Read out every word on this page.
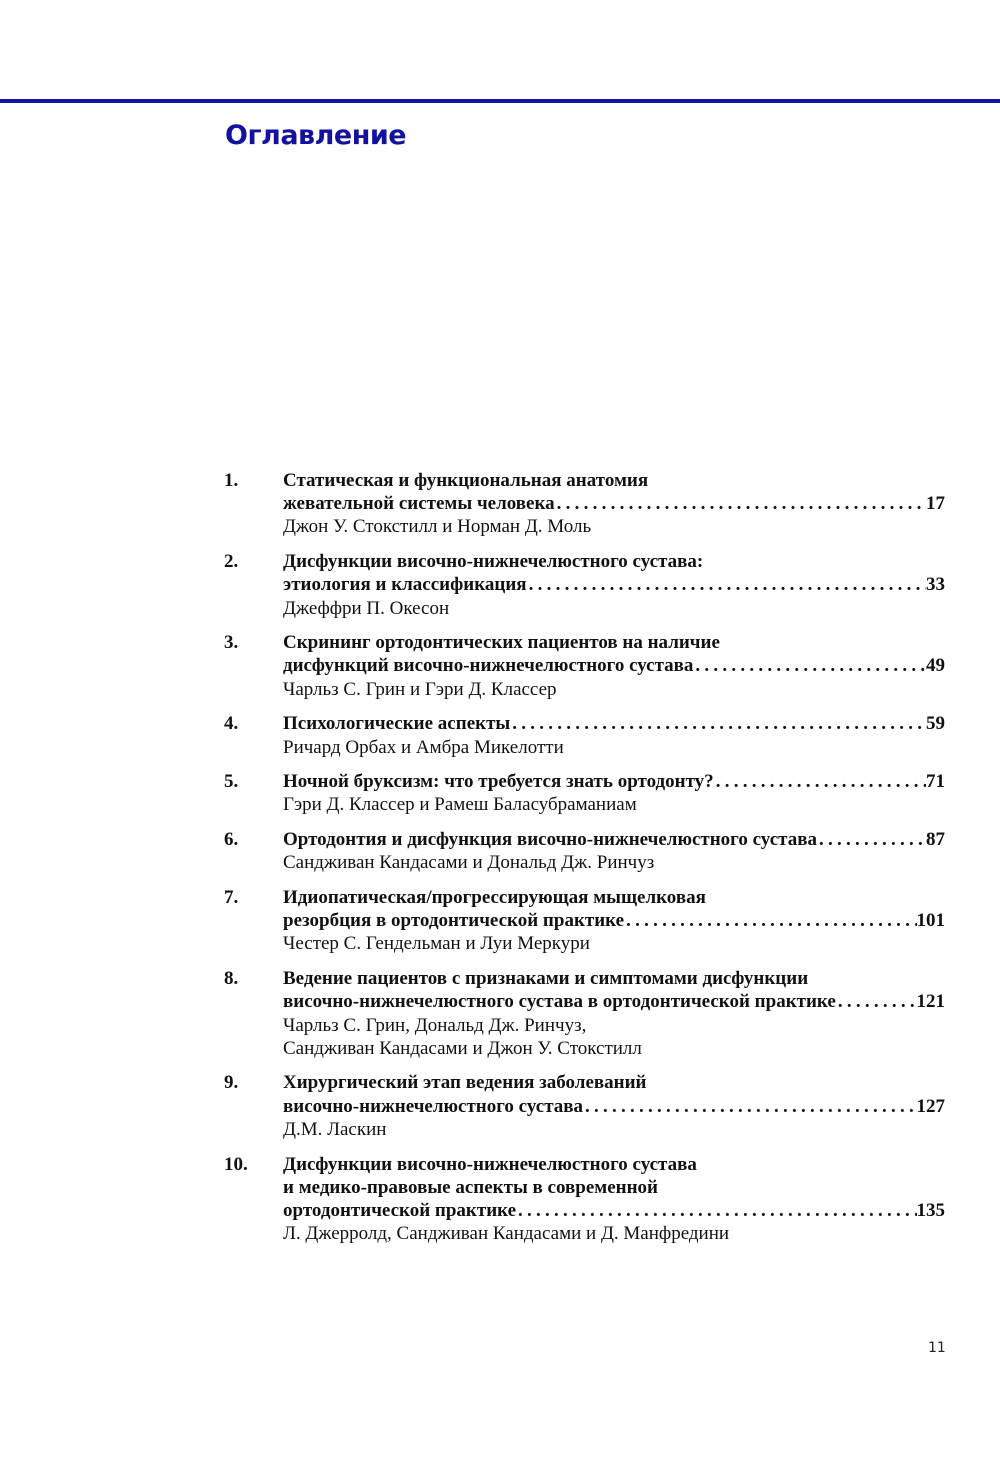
Оглавление
1.	Статическая и функциональная анатомия
жевательной системы человека . . .	17
Джон У. Стокстилл и Норман Д. Моль
2.	Дисфункции височно-нижнечелюстного сустава:
этиология и классификация . . .	33
Джеффри П. Окесон
3.	Скрининг ортодонтических пациентов на наличие
дисфункций височно-нижнечелюстного сустава . . .	49
Чарльз С. Грин и Гэри Д. Классер
4.	Психологические аспекты . . .	59
Ричард Орбах и Амбра Микелотти
5.	Ночной бруксизм: что требуется знать ортодонту? . . .	71
Гэри Д. Классер и Рамеш Баласубраманиам
6.	Ортодонтия и дисфункция височно-нижнечелюстного сустава . . .	87
Сандживан Кандасами и Дональд Дж. Ринчуз
7.	Идиопатическая/прогрессирующая мыщелковая
резорбция в ортодонтической практике . . .	101
Честер С. Гендельман и Луи Меркури
8.	Ведение пациентов с признаками и симптомами дисфункции
височно-нижнечелюстного сустава в ортодонтической практике . . .	121
Чарльз С. Грин, Дональд Дж. Ринчуз,
Сандживан Кандасами и Джон У. Стокстилл
9.	Хирургический этап ведения заболеваний
височно-нижнечелюстного сустава . . .	127
Д.М. Ласкин
10.	Дисфункции височно-нижнечелюстного сустава
и медико-правовые аспекты в современной
ортодонтической практике . . .	135
Л. Джерролд, Сандживан Кандасами и Д. Манфредини
11
